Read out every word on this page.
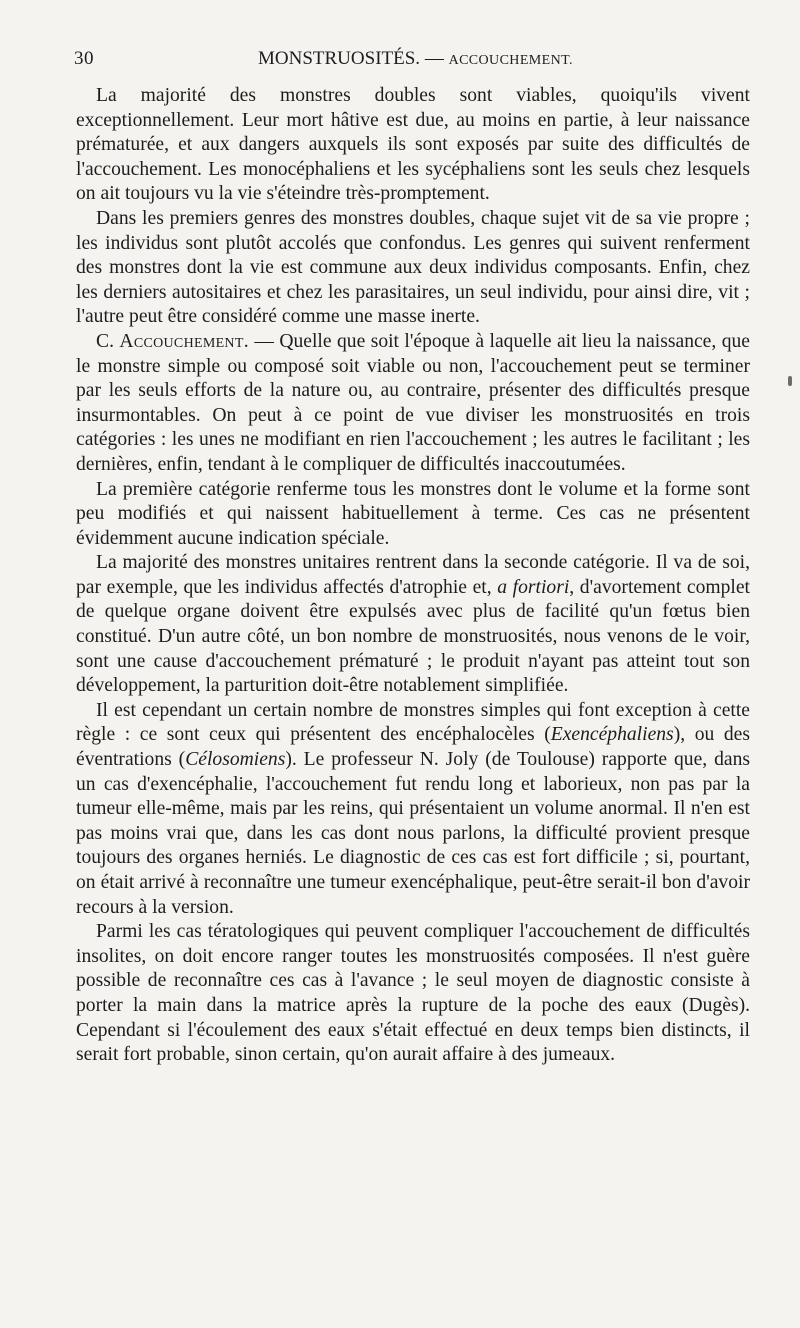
30	MONSTRUOSITÉS. — ACCOUCHEMENT.

La majorité des monstres doubles sont viables, quoiqu'ils vivent exceptionnellement. Leur mort hâtive est due, au moins en partie, à leur naissance prématurée, et aux dangers auxquels ils sont exposés par suite des difficultés de l'accouchement. Les monocéphaliens et les sycéphaliens sont les seuls chez lesquels on ait toujours vu la vie s'éteindre très-promptement.

Dans les premiers genres des monstres doubles, chaque sujet vit de sa vie propre ; les individus sont plutôt accolés que confondus. Les genres qui suivent renferment des monstres dont la vie est commune aux deux individus composants. Enfin, chez les derniers autositaires et chez les parasitaires, un seul individu, pour ainsi dire, vit ; l'autre peut être considéré comme une masse inerte.

C. Accouchement. — Quelle que soit l'époque à laquelle ait lieu la naissance, que le monstre simple ou composé soit viable ou non, l'accouchement peut se terminer par les seuls efforts de la nature ou, au contraire, présenter des difficultés presque insurmontables. On peut à ce point de vue diviser les monstruosités en trois catégories : les unes ne modifiant en rien l'accouchement ; les autres le facilitant ; les dernières, enfin, tendant à le compliquer de difficultés inaccoutumées.

La première catégorie renferme tous les monstres dont le volume et la forme sont peu modifiés et qui naissent habituellement à terme. Ces cas ne présentent évidemment aucune indication spéciale.

La majorité des monstres unitaires rentrent dans la seconde catégorie. Il va de soi, par exemple, que les individus affectés d'atrophie et, a fortiori, d'avortement complet de quelque organe doivent être expulsés avec plus de facilité qu'un fœtus bien constitué. D'un autre côté, un bon nombre de monstruosités, nous venons de le voir, sont une cause d'accouchement prématuré ; le produit n'ayant pas atteint tout son développement, la parturition doit-être notablement simplifiée.

Il est cependant un certain nombre de monstres simples qui font exception à cette règle : ce sont ceux qui présentent des encéphalocèles (Exencéphaliens), ou des éventrations (Célosomiens). Le professeur N. Joly (de Toulouse) rapporte que, dans un cas d'exencéphalie, l'accouchement fut rendu long et laborieux, non pas par la tumeur elle-même, mais par les reins, qui présentaient un volume anormal. Il n'en est pas moins vrai que, dans les cas dont nous parlons, la difficulté provient presque toujours des organes herniés. Le diagnostic de ces cas est fort difficile ; si, pourtant, on était arrivé à reconnaître une tumeur exencéphalique, peut-être serait-il bon d'avoir recours à la version.

Parmi les cas tératologiques qui peuvent compliquer l'accouchement de difficultés insolites, on doit encore ranger toutes les monstruosités composées. Il n'est guère possible de reconnaître ces cas à l'avance ; le seul moyen de diagnostic consiste à porter la main dans la matrice après la rupture de la poche des eaux (Dugès). Cependant si l'écoulement des eaux s'était effectué en deux temps bien distincts, il serait fort probable, sinon certain, qu'on aurait affaire à des jumeaux.
